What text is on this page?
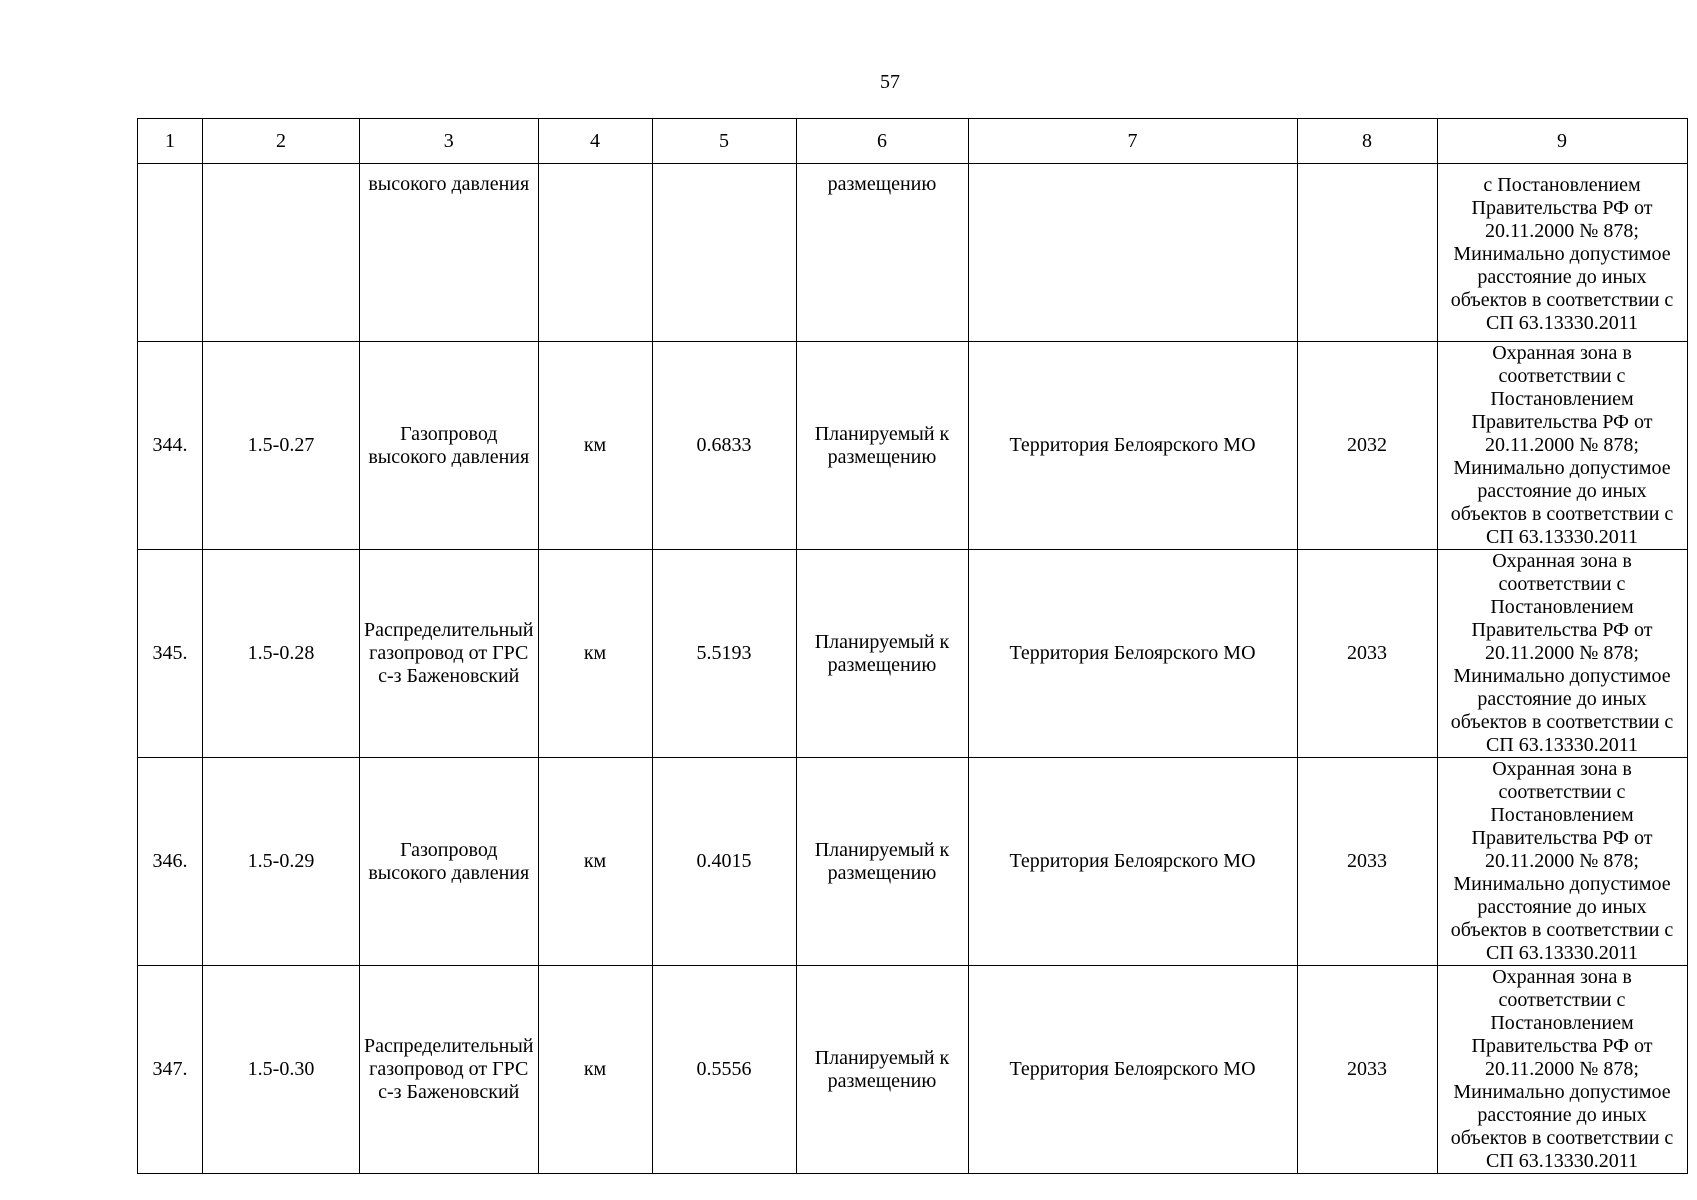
57
1	2	3	4	5	6	7	8	9
		высокого давления			размещению			с Постановлением Правительства РФ от 20.11.2000 № 878; Минимально допустимое расстояние до иных объектов в соответствии с СП 63.13330.2011
344.	1.5-0.27	Газопровод высокого давления	км	0.6833	Планируемый к размещению	Территория Белоярского МО	2032	Охранная зона в соответствии с Постановлением Правительства РФ от 20.11.2000 № 878; Минимально допустимое расстояние до иных объектов в соответствии с СП 63.13330.2011
345.	1.5-0.28	Распределительный газопровод от ГРС с-з Баженовский	км	5.5193	Планируемый к размещению	Территория Белоярского МО	2033	Охранная зона в соответствии с Постановлением Правительства РФ от 20.11.2000 № 878; Минимально допустимое расстояние до иных объектов в соответствии с СП 63.13330.2011
346.	1.5-0.29	Газопровод высокого давления	км	0.4015	Планируемый к размещению	Территория Белоярского МО	2033	Охранная зона в соответствии с Постановлением Правительства РФ от 20.11.2000 № 878; Минимально допустимое расстояние до иных объектов в соответствии с СП 63.13330.2011
347.	1.5-0.30	Распределительный газопровод от ГРС с-з Баженовский	км	0.5556	Планируемый к размещению	Территория Белоярского МО	2033	Охранная зона в соответствии с Постановлением Правительства РФ от 20.11.2000 № 878; Минимально допустимое расстояние до иных объектов в соответствии с СП 63.13330.2011
